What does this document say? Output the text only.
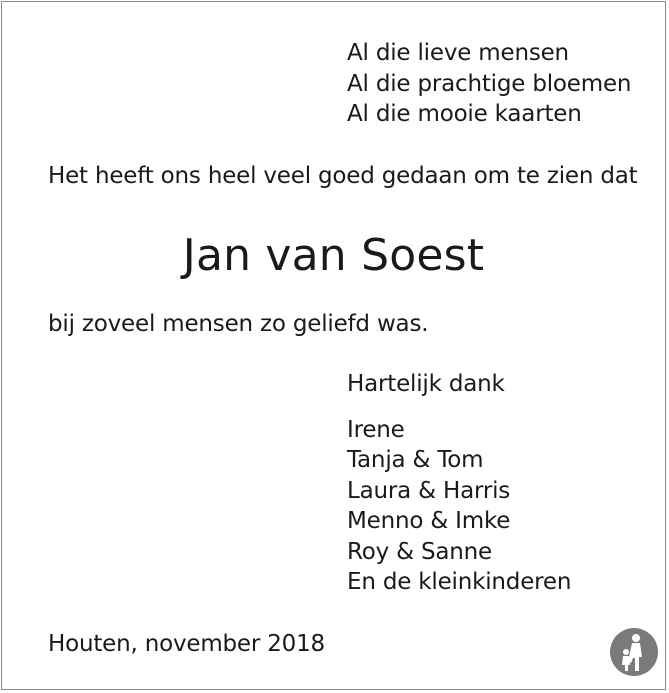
Al die lieve mensen
Al die prachtige bloemen
Al die mooie kaarten
Het heeft ons heel veel goed gedaan om te zien dat
Jan van Soest
bij zoveel mensen zo geliefd was.
Hartelijk dank
Irene
Tanja & Tom
Laura & Harris
Menno & Imke
Roy & Sanne
En de kleinkinderen
Houten, november 2018
